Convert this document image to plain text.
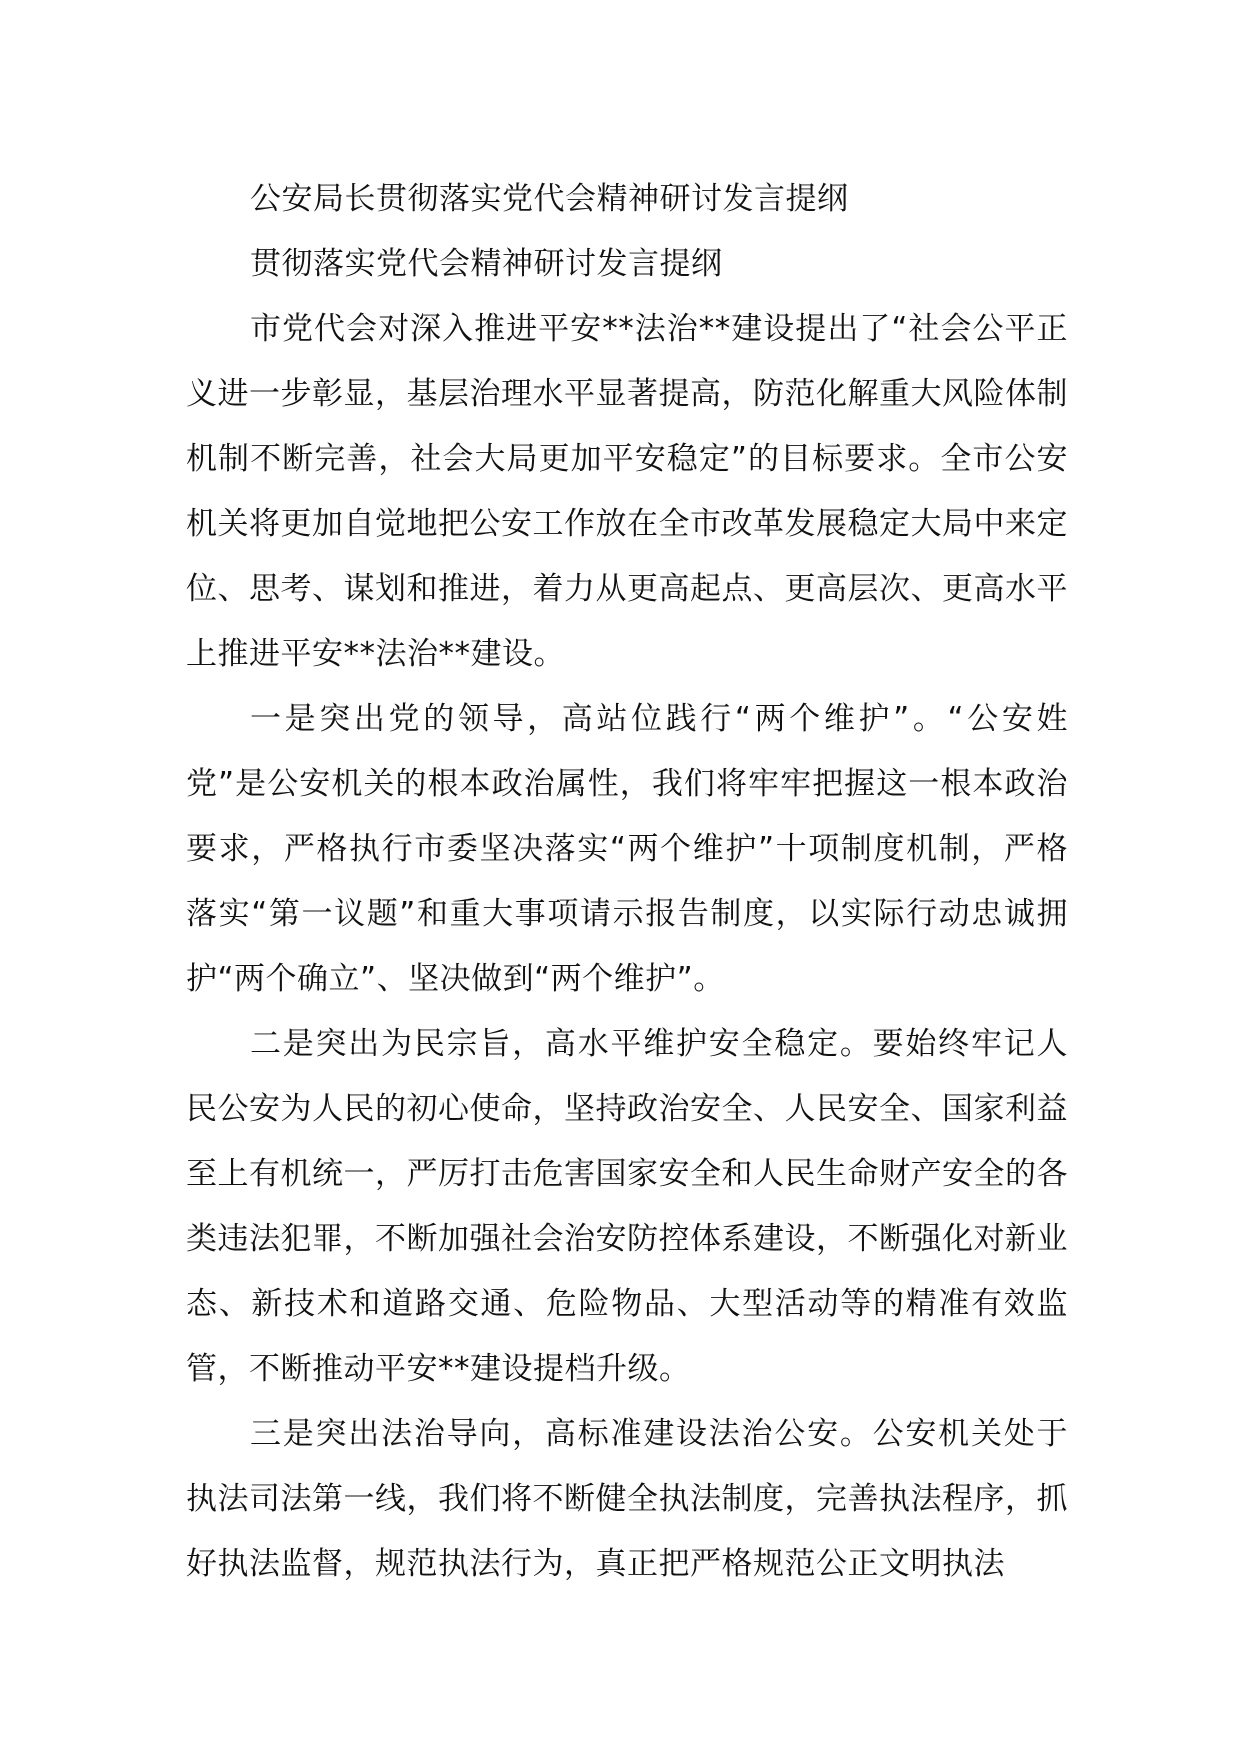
公安局长贯彻落实党代会精神研讨发言提纲

贯彻落实党代会精神研讨发言提纲

市党代会对深入推进平安**法治**建设提出了“社会公平正义进一步彰显，基层治理水平显著提高，防范化解重大风险体制机制不断完善，社会大局更加平安稳定”的目标要求。全市公安机关将更加自觉地把公安工作放在全市改革发展稳定大局中来定位、思考、谋划和推进，着力从更高起点、更高层次、更高水平上推进平安**法治**建设。

一是突出党的领导，高站位践行“两个维护”。“公安姓党”是公安机关的根本政治属性，我们将牢牢把握这一根本政治要求，严格执行市委坚决落实“两个维护”十项制度机制，严格落实“第一议题”和重大事项请示报告制度，以实际行动忠诚拥护“两个确立”、坚决做到“两个维护”。

二是突出为民宗旨，高水平维护安全稳定。要始终牢记人民公安为人民的初心使命，坚持政治安全、人民安全、国家利益至上有机统一，严厉打击危害国家安全和人民生命财产安全的各类违法犯罪，不断加强社会治安防控体系建设，不断强化对新业态、新技术和道路交通、危险物品、大型活动等的精准有效监管，不断推动平安**建设提档升级。

三是突出法治导向，高标准建设法治公安。公安机关处于执法司法第一线，我们将不断健全执法制度，完善执法程序，抓好执法监督，规范执法行为，真正把严格规范公正文明执法
